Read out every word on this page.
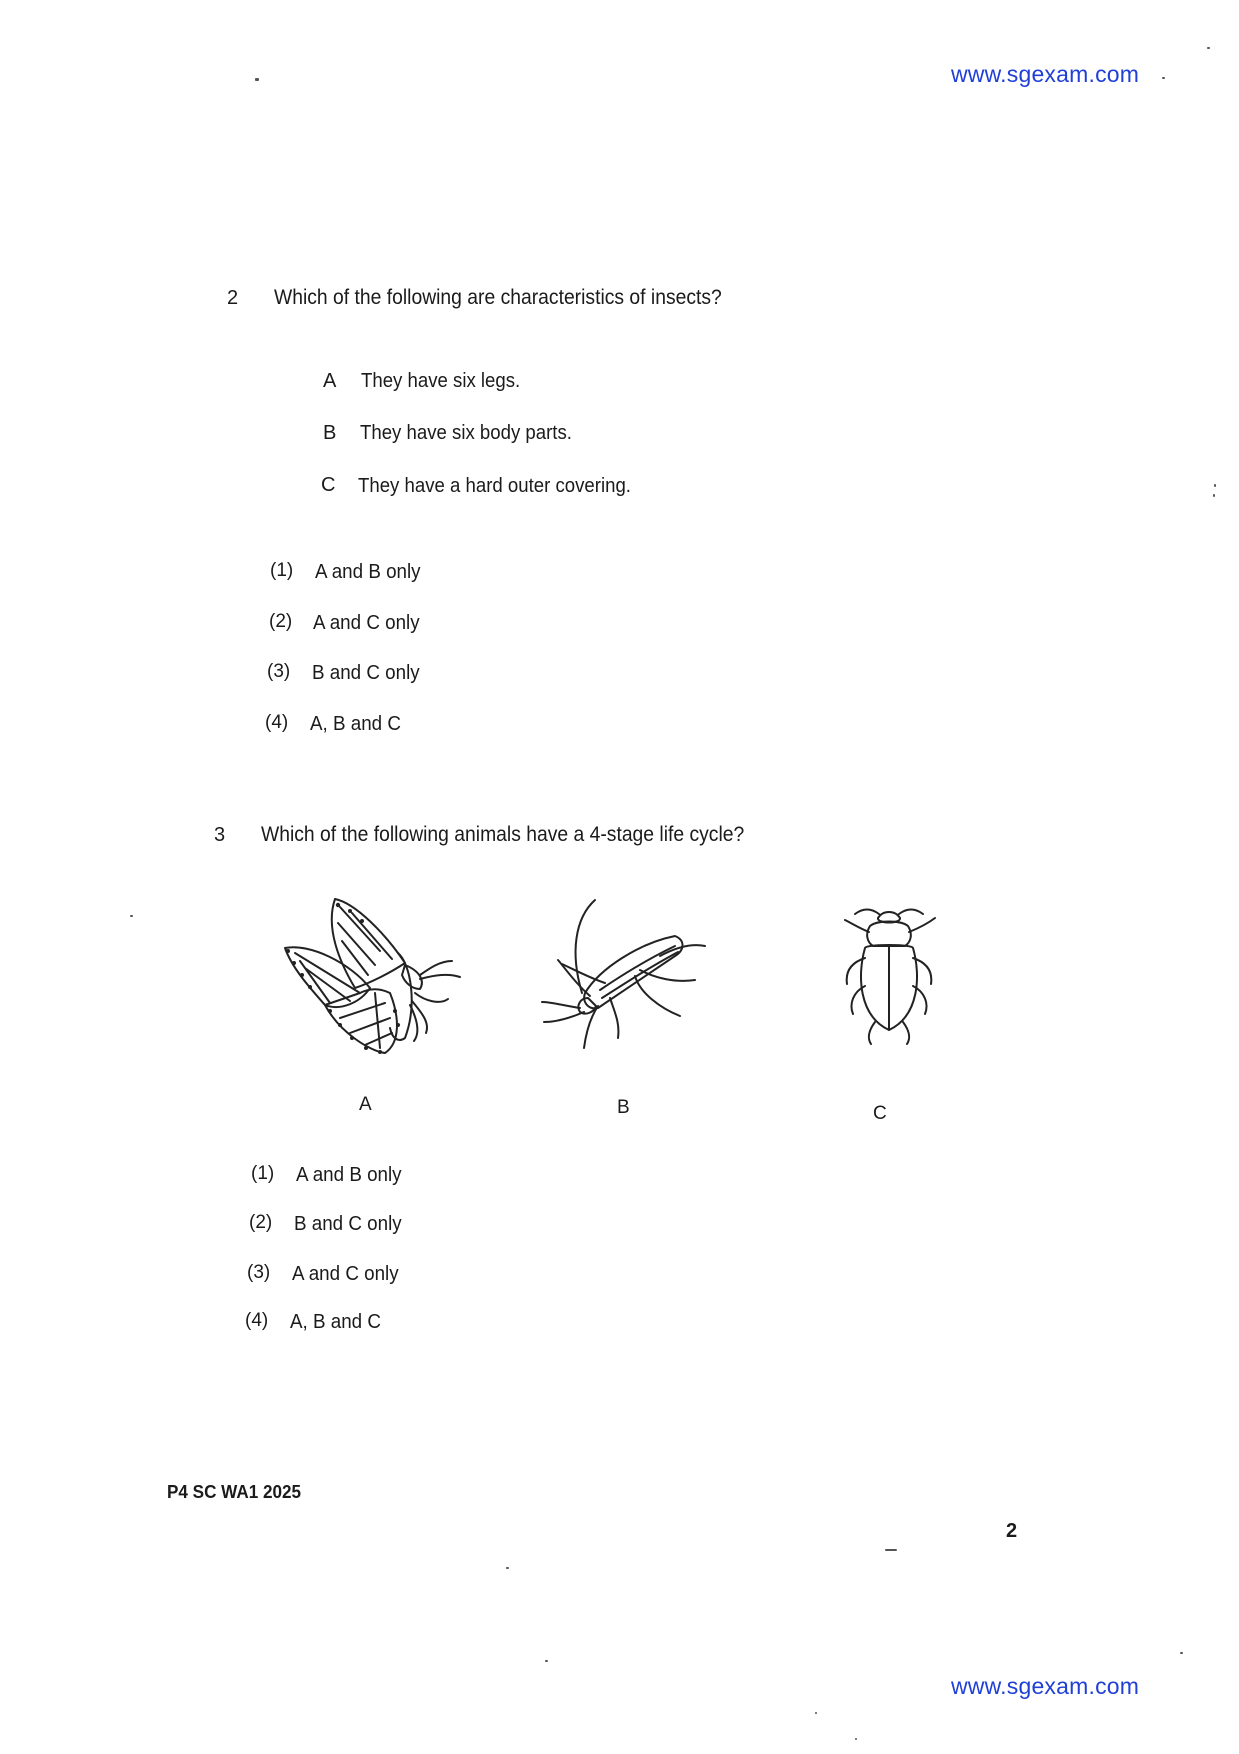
www.sgexam.com
2 Which of the following are characteristics of insects?
A They have six legs.
B They have six body parts.
C They have a hard outer covering.
(1) A and B only
(2) A and C only
(3) B and C only
(4) A, B and C
3 Which of the following animals have a 4-stage life cycle?
A	B	C
(1) A and B only
(2) B and C only
(3) A and C only
(4) A, B and C
P4 SC WA1 2025
2
www.sgexam.com
